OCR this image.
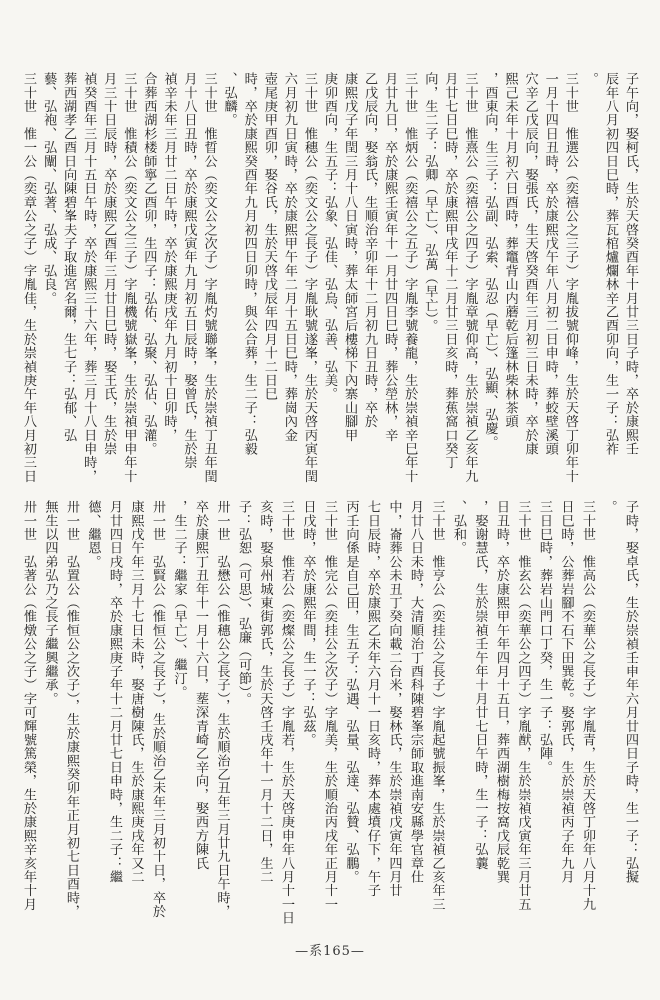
—系165—
子午向，娶柯氏，生於天啓癸酉年十月廿三日子時，卒於康熙壬
辰年八月初四日巳時，葬瓦棺爐爛林辛乙酉卯向，生一子：弘祚
。
三十世　惟選公（奕禧公之三子）字胤拔號仰峰，生於天啓丁卯年十
一月十四日丑時，卒於康熙戊午年八月初二日申時，葬蛟壁溪頭
穴辛乙戊辰向，娶張氏，生天啓癸酉年三月初三日未時，卒於康
熙己未年十月初六日酉時，葬竈背山内蘑乾后篷林柴林茶頭
，酉東向，生三子：弘副、弘索、弘忍（早亡）、弘顯、弘慶。
三十世　惟熹公（奕禧公之四子）字胤章號仰高，生於崇禎乙亥年九
月廿七日巳時，卒於康熙甲戌年十二月廿三日亥時，葬蕉窩口癸丁
向，生二子：弘卿（早亡）、弘萬（早亡）。
三十世　惟炳公（奕禧公之五子）字胤李號養龍，生於崇禎辛巳年十
月廿九日，卒於康熙壬寅年十一月廿四日巳時，葬公塋林，辛
乙戊辰向，娶翁氏，生順治辛卯年十二月初九日丑時，卒於
康熙戊子年閏三月十八日寅時，葬太師宮后樓梯下內寨山腳甲
庚卯酉向，生五子：弘象、弘佳、弘烏、弘善、弘美。
三十世　惟穗公（奕文公之長子）字胤耿號遂峯，生於天啓丙寅年閏
六月初九日寅時，卒於康熙甲午年二月十五日巳時，葬崗內金
壺尾庚甲酉卯，娶谷氏，生於天啓戊辰年四月十二日巳
時，卒於康熙癸酉年九月初四日卯時，與公合葬，生二子：弘毅
、弘麟。
三十世　惟晢公（奕文公之次子）字胤灼號聯峯，生於崇禎丁丑年閏
月十八日丑時，卒於康熙戊寅年九月初五日辰時，娶曾氏，生於崇
禎辛未年三月廿二日午時，卒於康熙庚戌年九月初十日卯時，
合葬西湖杉楼師寧乙酉卯，生四子：弘佑、弘聚、弘佔、弘灌。
三十世　惟積公（奕文公之三子）字胤機號嶽峯，生於崇禎甲申年十
月三十日辰時，卒於康熙乙酉年三月廿日巳時，娶王氏，生於崇
禎癸酉年三月十五日午時，卒於康熙三十六年，葬三月十八日申時，
葬西湖孝乙酉日向陳碧峯夫子取進宮名爾，生七子：弘郁、弘
藝、弘袍、弘闡、弘著、弘成、弘良。
三十世　惟一公（奕章公之子）字胤佳，生於崇禎庚午年八月初三日
子時，娶卓氏，生於崇禎壬申年六月廿四日子時，生一子：弘擬
。
三十世　惟高公（奕華公之長子）字胤青，生於天啓丁卯年八月十九
日巳時，公葬岩腳不石下田巽乾。娶郭氏，生於崇禎丙子年九月
三日巳時，葬岩山門口丁癸，生一子：弘陣。
三十世　惟玄公（奕華公之四子）字胤猷，生於崇禎戊寅年三月廿五
日丑時，卒於康熙甲午年四月十五日，葬西湖樹梅按窩戊辰乾巽
，娶谢慧氏，生於崇禎壬午年十月廿七日午時，生一子：弘蘘
、弘和。
三十世　惟亨公（奕挂公之長子）字胤起號振峯，生於崇禎乙亥年三
月廿八日未時，大清順治丁酉科陳碧峯宗師取進南安縣學官章仕
中，崙葬公未丑丁癸向載二台米，娶林氏，生於崇禎戊寅年四月廿
七日辰時，卒於康熙乙未年六月十一日亥時，葬本處墳仔下，午子
丙壬向係是自己田，生五子：弘遇、弘量、弘達、弘贊、弘鵬。
三十世　惟完公（奕挂公之次子）字胤美，生於順治丙戌年正月十一
日戊時，卒於康熙年間，生一子：弘茲。
三十世　惟若公（奕燦公之長子）字胤若，生於天啓庚申年八月十一日
亥時，娶泉州城東街郭氏，生於天啓壬戌年十一月十二日，生二
子：弘恕（可思）、弘廉（可節）。
卅一世　弘懋公（惟穗公之長子），生於順治乙丑年三月廿九日午時，
卒於康熙丁丑年十一月十六日，塟深青崎乙辛向，娶西方陳氏
，生二子：繼家（早亡）、繼汀。
卅一世　弘賢公（惟恒公之長子），生於順治乙未年三月初十日，卒於
康熙戊午年三月十七日未時，娶唐樹陳氏，生於康熙庚戌年又二
月廿四日戌時，卒於康熙庚子年十二月廿七日申時，生二子：繼
德、繼恩。
卅一世　弘置公（惟恒公之次子），生於康熙癸卯年正月初七日酉時，
無生以四弟弘乃之長子繼興繼承。
卅一世　弘著公（惟燉公之子）字可輝號篤榮，生於康熙辛亥年十月
